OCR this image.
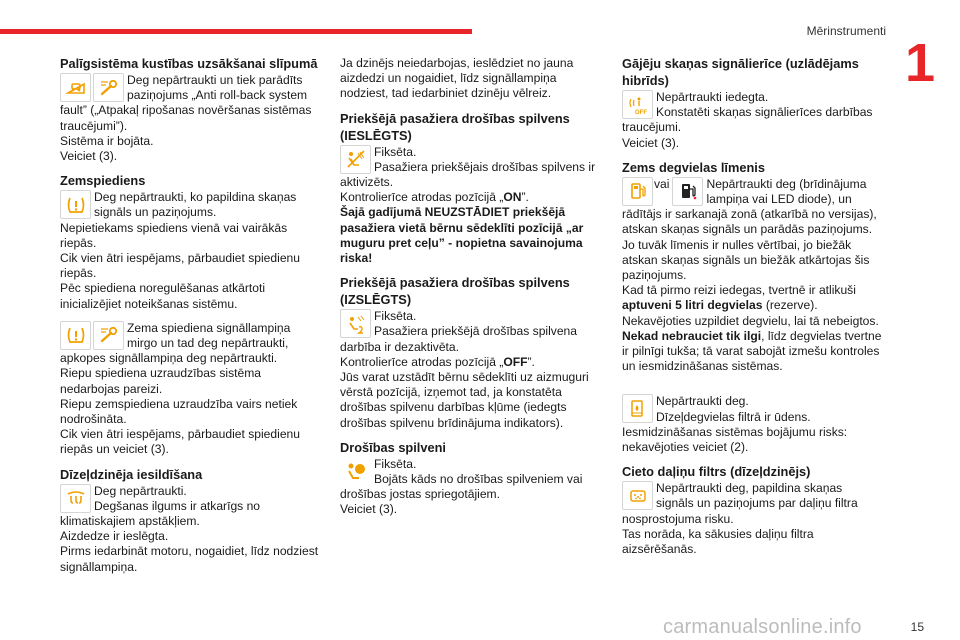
Mērinstrumenti
1
Palīgsistēma kustības uzsākšanai slīpumā

Deg nepārtraukti un tiek parādīts

paziņojums „Anti roll-back system

fault” („Atpakaļ ripošanas novēršanas sistēmas

traucējumi”).

Sistēma ir bojāta.

Veiciet (3).

Zemspiediens

Deg nepārtraukti, ko papildina skaņas

signāls un paziņojums.

Nepietiekams spiediens vienā vai vairākās

riepās.

Cik vien ātri iespējams, pārbaudiet spiedienu

riepās.

Pēc spiediena noregulēšanas atkārtoti

inicializējiet noteikšanas sistēmu.

Zema spiediena signāllampiņa

mirgo un tad deg nepārtraukti,

apkopes signāllampiņa deg nepārtraukti.

Riepu spiediena uzraudzības sistēma

nedarbojas pareizi.

Riepu zemspiediena uzraudzība vairs netiek

nodrošināta.

Cik vien ātri iespējams, pārbaudiet spiedienu

riepās un veiciet (3).

Dīzeļdzinēja iesildīšana

Deg nepārtraukti.

Degšanas ilgums ir atkarīgs no

klimatiskajiem apstākļiem.

Aizdedze ir ieslēgta.

Pirms iedarbināt motoru, nogaidiet, līdz nodziest

signāllampiņa.

Ja dzinējs neiedarbojas, ieslēdziet no jauna

aizdedzi un nogaidiet, līdz signāllampiņa

nodziest, tad iedarbiniet dzinēju vēlreiz.

Priekšējā pasažiera drošības spilvens
(IESLĒGTS)

Fiksēta.

Pasažiera priekšējais drošības spilvens ir

aktivizēts.

Kontrolierīce atrodas pozīcijā „ON”.

Šajā gadījumā NEUZSTĀDIET priekšējā

pasažiera vietā bērnu sēdeklīti pozīcijā „ar

muguru pret ceļu” - nopietna savainojuma

riska!

Priekšējā pasažiera drošības spilvens
(IZSLĒGTS)

Fiksēta.

Pasažiera priekšējā drošības spilvena

darbība ir dezaktivēta.

Kontrolierīce atrodas pozīcijā „OFF”.

Jūs varat uzstādīt bērnu sēdeklīti uz aizmuguri

vērstā pozīcijā, izņemot tad, ja konstatēta

drošības spilvenu darbības kļūme (iedegts

drošības spilvenu brīdinājuma indikators).

Drošības spilveni

Fiksēta.

Bojāts kāds no drošības spilveniem vai

drošības jostas spriegotājiem.

Veiciet (3).

Gājēju skaņas signālierīce (uzlādējams
hibrīds)
OFF

Nepārtraukti iedegta.

Konstatēti skaņas signālierīces darbības

traucējumi.

Veiciet (3).

Zems degvielas līmenis
vai	Nepārtraukti deg (brīdinājuma

lampiņa vai LED diode), un

rādītājs ir sarkanajā zonā (atkarībā no versijas),

atskan skaņas signāls un parādās paziņojums.

Jo tuvāk līmenis ir nulles vērtībai, jo biežāk

atskan skaņas signāls un biežāk atkārtojas šis

paziņojums.

Kad tā pirmo reizi iedegas, tvertnē ir atlikuši

aptuveni 5 litri degvielas (rezerve).

Nekavējoties uzpildiet degvielu, lai tā nebeigtos.

Nekad nebrauciet tik ilgi, līdz degvielas tvertne

ir pilnīgi tukša; tā varat sabojāt izmešu kontroles

un iesmidzināšanas sistēmas.

Nepārtraukti deg.

Dīzeļdegvielas filtrā ir ūdens.

Iesmidzināšanas sistēmas bojājumu risks:

nekavējoties veiciet (2).

Cieto daļiņu filtrs (dīzeļdzinējs)

Nepārtraukti deg, papildina skaņas

signāls un paziņojums par daļiņu filtra

nosprostojuma risku.

Tas norāda, ka sākusies daļiņu filtra

aizsērēšanās.

15
carmanualsonline.info
